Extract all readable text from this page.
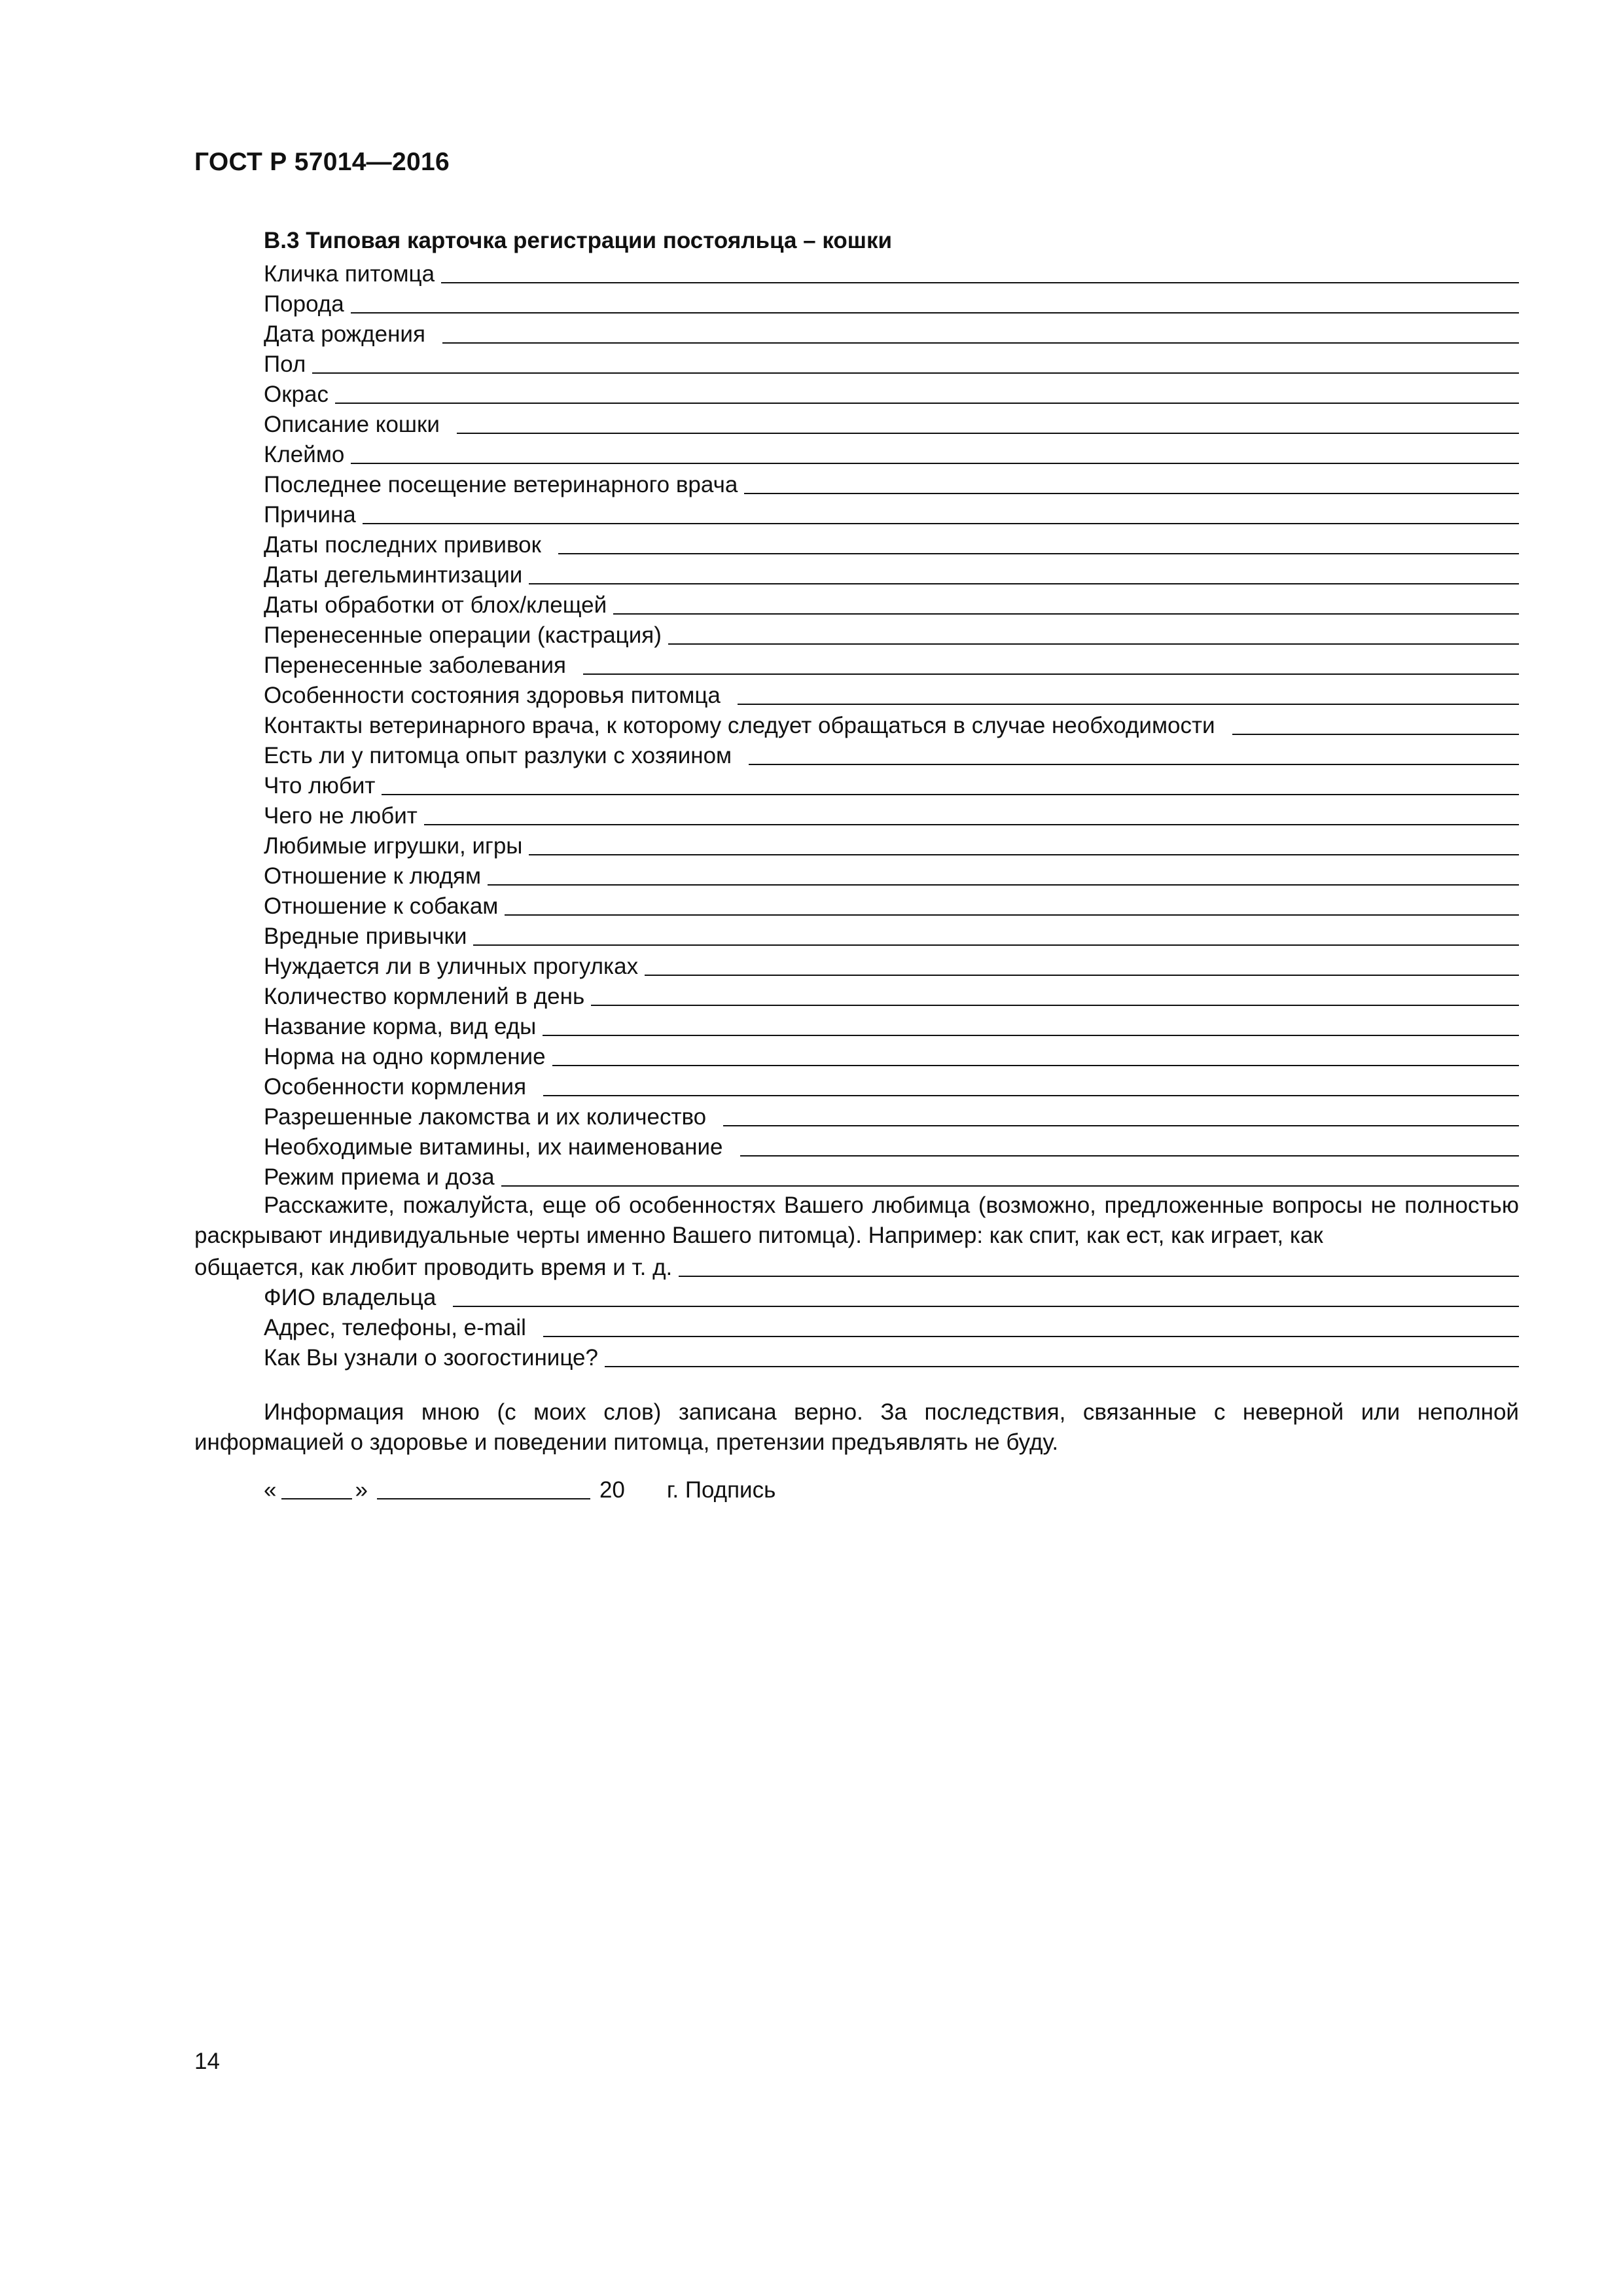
ГОСТ Р 57014—2016
В.3 Типовая карточка регистрации постояльца – кошки
Кличка питомца
Порода
Дата рождения
Пол
Окрас
Описание кошки
Клеймо
Последнее посещение ветеринарного врача
Причина
Даты последних прививок
Даты дегельминтизации
Даты обработки от блох/клещей
Перенесенные операции (кастрация)
Перенесенные заболевания
Особенности состояния здоровья питомца
Контакты ветеринарного врача, к которому следует обращаться в случае необходимости
Есть ли у питомца опыт разлуки с хозяином
Что любит
Чего не любит
Любимые игрушки, игры
Отношение к людям
Отношение к собакам
Вредные привычки
Нуждается ли в уличных прогулках
Количество кормлений в день
Название корма, вид еды
Норма на одно кормление
Особенности кормления
Разрешенные лакомства и их количество
Необходимые витамины, их наименование
Режим приема и доза
Расскажите, пожалуйста, еще об особенностях Вашего любимца (возможно, предложенные вопросы не полностью раскрывают индивидуальные черты именно Вашего питомца). Например: как спит, как ест, как играет, как
общается, как любит проводить время и т. д.
ФИО владельца
Адрес, телефоны, e-mail
Как Вы узнали о зоогостинице?
Информация мною (с моих слов) записана верно. За последствия, связанные с неверной или неполной информацией о здоровье и поведении питомца, претензии предъявлять не буду.
«	»	20 г. Подпись
14
